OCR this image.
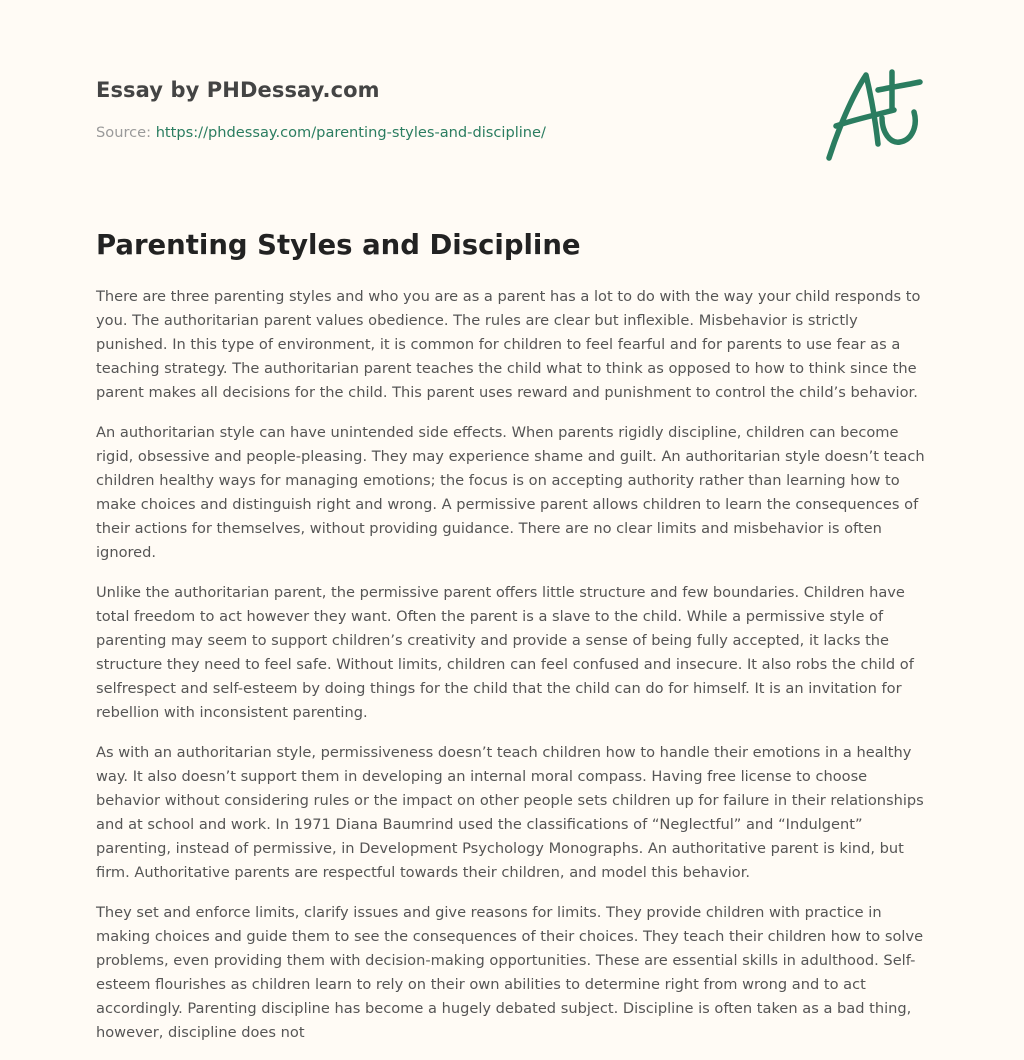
Essay by PHDessay.com
Source: https://phdessay.com/parenting-styles-and-discipline/
Parenting Styles and Discipline

There are three parenting styles and who you are as a parent has a lot to do with the way your child responds to you. The authoritarian parent values obedience. The rules are clear but inflexible. Misbehavior is strictly punished. In this type of environment, it is common for children to feel fearful and for parents to use fear as a teaching strategy. The authoritarian parent teaches the child what to think as opposed to how to think since the parent makes all decisions for the child. This parent uses reward and punishment to control the child’s behavior.

An authoritarian style can have unintended side effects. When parents rigidly discipline, children can become rigid, obsessive and people-pleasing. They may experience shame and guilt. An authoritarian style doesn’t teach children healthy ways for managing emotions; the focus is on accepting authority rather than learning how to make choices and distinguish right and wrong. A permissive parent allows children to learn the consequences of their actions for themselves, without providing guidance. There are no clear limits and misbehavior is often ignored.

Unlike the authoritarian parent, the permissive parent offers little structure and few boundaries. Children have total freedom to act however they want. Often the parent is a slave to the child. While a permissive style of parenting may seem to support children’s creativity and provide a sense of being fully accepted, it lacks the structure they need to feel safe. Without limits, children can feel confused and insecure. It also robs the child of selfrespect and self-esteem by doing things for the child that the child can do for himself. It is an invitation for rebellion with inconsistent parenting.

As with an authoritarian style, permissiveness doesn’t teach children how to handle their emotions in a healthy way. It also doesn’t support them in developing an internal moral compass. Having free license to choose behavior without considering rules or the impact on other people sets children up for failure in their relationships and at school and work. In 1971 Diana Baumrind used the classifications of “Neglectful” and “Indulgent” parenting, instead of permissive, in Development Psychology Monographs. An authoritative parent is kind, but firm. Authoritative parents are respectful towards their children, and model this behavior.

They set and enforce limits, clarify issues and give reasons for limits. They provide children with practice in making choices and guide them to see the consequences of their choices. They teach their children how to solve problems, even providing them with decision-making opportunities. These are essential skills in adulthood. Self-esteem flourishes as children learn to rely on their own abilities to determine right from wrong and to act accordingly. Parenting discipline has become a hugely debated subject. Discipline is often taken as a bad thing, however, discipline does not
